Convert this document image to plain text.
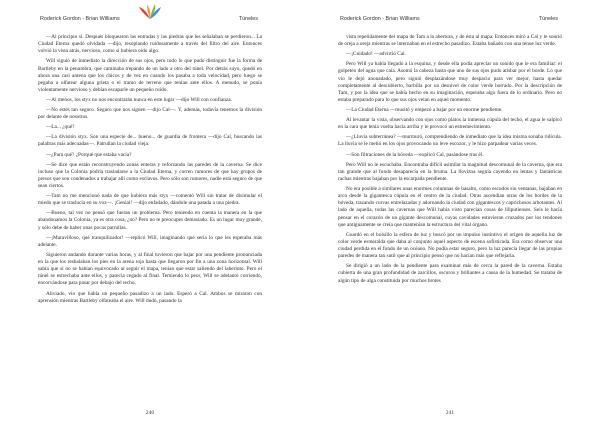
Roderick Gordon - Brian Williams	Túneles

—Al principio sí. Después bloquearon las entradas y las piedras que les señalaban se perdieron... La Ciudad Eterna quedó olvidada —dijo, resoplando ruidosamente a través del filtro del aire. Entonces volvió la vista atrás, nervioso, como si hubiera oído algo.

Will siguió de inmediato la dirección de sus ojos, pero todo lo que pudo distinguir fue la forma de Bartleby en la penumbra, que caminaba trepando de un lado a otro del túnel. Por detrás suyo, quedó en ahora una casi antena que los chicos y de vez en cuando los pasaba a toda velocidad, pero luego se pegaba a olfatear alguna grieta o el tramo de terreno que tenían ante ellos. A menudo, se ponía violentamente nervioso y debían escaparle un pequeño ruido.

—Al menos, los styx no nos encontrarán nunca en este lugar —dijo Will con confianza.

—No estés tan seguro. Seguro que nos siguen —dijo Cal—. Y, además, todavía tenemos la división por delante de nosotros.

—La... ¿qué?

—La división styx. Son una especie de... bueno... de guardia de frontera —dijo Cal, buscando las palabras más adecuadas—. Patrullan la ciudad vieja.

—¿Para qué? ¿Porqué que estaba vacía?

—Se dice que están reconstruyendo zonas enteras y reforzando las paredes de la caverna. Se dice incluso que la Colonia podría trasladarse a la Ciudad Eterna, y corren rumores de que hay grupos de presos que son condenados a trabajar allí como esclavos. Pero sólo son rumores, nadie está seguro de que sean ciertos.

—Tam no me mencionó nada de que hubiera más styx —comentó Will sin tratar de disimular el miedo que se traslucía en su voz—. ¡Genial! —dijo enfadado, dándole una patada a una piedra.

—Bueno, tal vez no pensó que fueran un problema. Pero teniendo en cuenta la manera en la que abandonamos la Colonia, ya es otra cosa, ¿no? Pero no te preocupes demasiado. Es un lugar muy grande, y sólo debe de haber unas pocas patrullas.

—¡Maravilloso, qué tranquilizador! —replicó Will, imaginando qué sería lo que les esperaba más adelante.

Siguieron andando durante varias horas, y al final tuvieron que bajar por una pendiente pronunciada en la que los resbalaban los pies en la arena roja hasta que llegaron por fin a una zona horizontal. Will sabía que si no se habían equivocado al seguir el mapa, tenían que estar saliendo del laberinto. Pero el túnel se estrechaba ante ellos, y parecía cegado al final. Temiendo lo peor, Will se adelantó corriendo, encorvándose para pasar por debajo del techo.

Aliviado, vio que había un pequeño pasadizo a un lado. Esperó a Cal. Ambos se miraron con aprensión mientras Bartleby olfateaba el aire. Will dudó, pasando la

240
Roderick Gordon - Brian Williams	Túneles

vista repetidamente del mapa de Tam a la abertura, y de ésta al mapa. Entonces miró a Cal y le sonrió de oreja a oreja mientras se internaban en el estrecho pasadizo. Estaba bañado con una tenue luz verde.

—¡Cuidado! —advirtió Cal.

Pero Will ya había llegado a la esquina, y desde ella podía apreciar un sonido que le era familiar: el golpeteo del agua que caía. Asomó la cabeza hasta que uno de sus ojos pudo atisbar por el borde. Lo que vio le dejó anonadado, pero siguió desplazándose muy despacio para ver mejor, hasta quedar completamente al descubierto, barbilla por un desnivel de color verde borrado. Por la descripción de Tam, y por la idea que se había hecho en su imaginación, esperaba algo fuera de lo ordinario. Pero no estaba preparado para lo que sus ojos veían en aquel momento.

—La Ciudad Eterna —musitó y empezó a bajar por un enorme pendiente.

Al levantar la vista, observando con ojos como platos la inmensa cúpula del techo, el agua le salpicó en la cara que tenía vuelta hacia arriba y le provocó un estremecimiento.

—¿Lluvia subterránea? —murmuró, comprendiendo de inmediato que la idea misma sonaba ridícula. La lluvia se le metió en los ojos provocando un leve escozor, y le hizo parpadear varias veces.

—Son filtraciones de la bóveda —explicó Cal, pasándose tras él.

Pero Will no le escuchaba. Encontraba difícil asimilar la magnitud descomunal de la caverna, que era tan grande que al fondo desaparecía en la bruma. La llovizna seguía cayendo en lentas y fantásticas rachas mientras bajaban por la escarpada pendiente.

No era posible a similares unas enormes columnas de basalto, como escudos sin ventanas, bajaban en arco desde la gigantesca cúpula en el centro de la ciudad. Otras ascendían otras de los bordes de la bóveda, trazando curvas entrelazadas y adornando la ciudad con gigantescos y caprichosos arbotantes. Al lado de aquella, todas las cavernas que Will había visto parecían cosas de liliputienses. Seis le hacía pensar en el corazón de un gigante descomunal, cuyas cavidades estuvieran cruzados por los tendones que antiguamente se creía que mantenían la estructura del vital órgano.

Guardó en el bolsillo la esfera de luz y buscó por un impulso instintivo el origen de aquella luz de color verde esmeralda que daba al conjunto aquel aspecto de escena sofisticada. Era como observar una ciudad perdida en el fondo de un océano. No podía estar seguro, pero la luz parecía llegar de las propias paredes de manera tan sutil que al principio pensó que no hacían más que reflejarla.

Se dirigió a un lado de la pendiente para examinar más de cerca la pared de la caverna. Estaba cubierta de una gran profundidad de zarcillos, oscuros y brillantes a causa de la humedad. Se trataba de algún tipo de alga constituida por muchos brotes

241
